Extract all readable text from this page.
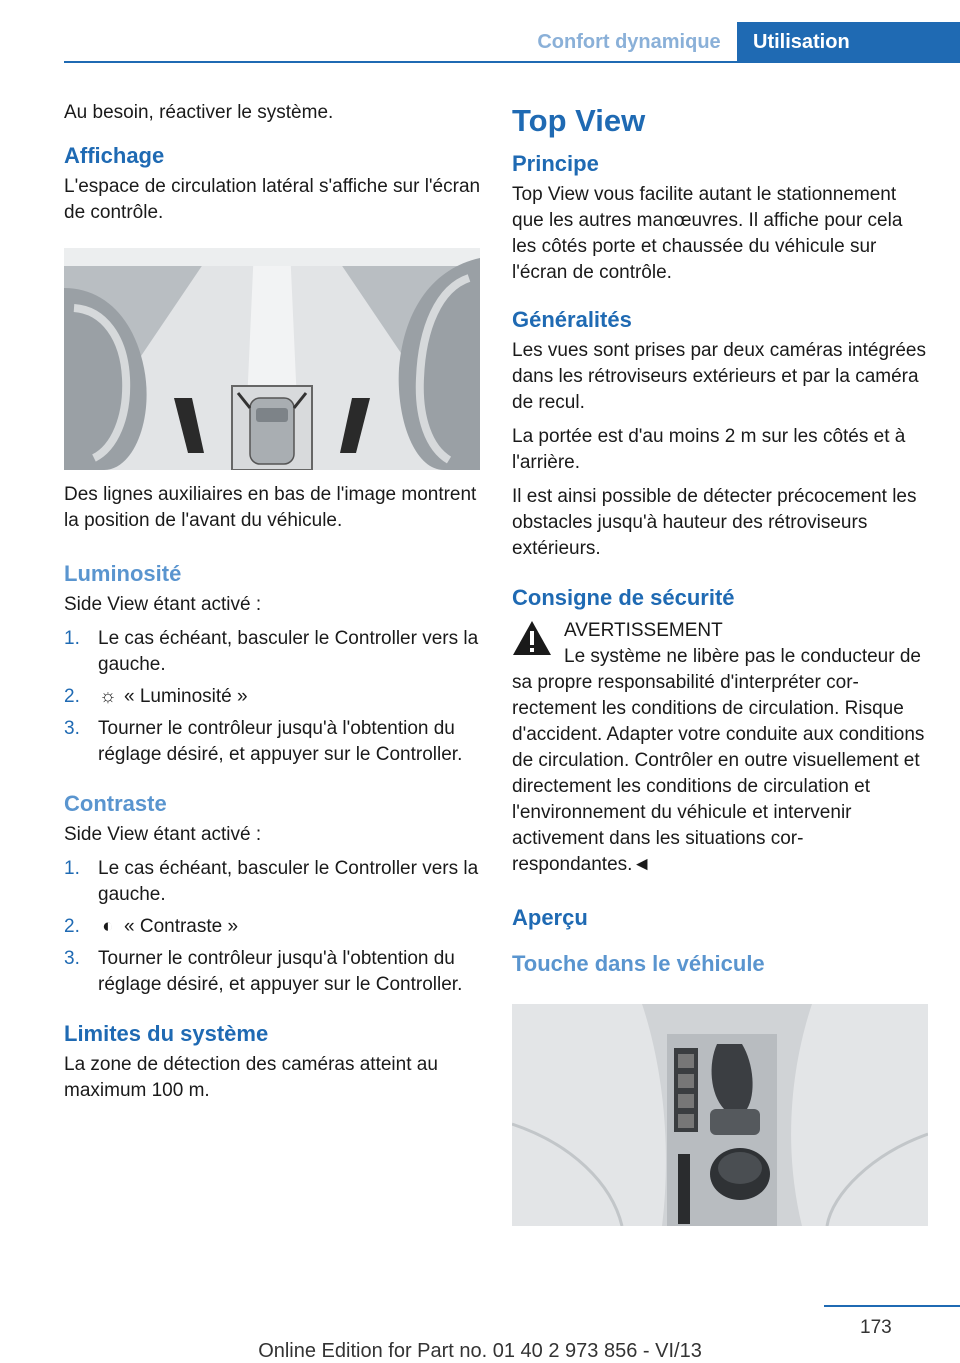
Confort dynamique	Utilisation

Au besoin, réactiver le système.

Affichage

L'espace de circulation latéral s'affiche sur l'écran de contrôle.

Des lignes auxiliaires en bas de l'image montrent la position de l'avant du véhicule.

Luminosité

Side View étant activé :

1. Le cas échéant, basculer le Controller vers la gauche.
2. ☼ « Luminosité »
3. Tourner le contrôleur jusqu'à l'obtention du réglage désiré, et appuyer sur le Controller.
Contraste

Side View étant activé :

1. Le cas échéant, basculer le Controller vers la gauche.
2. ◐ « Contraste »
3. Tourner le contrôleur jusqu'à l'obtention du réglage désiré, et appuyer sur le Controller.
Limites du système

La zone de détection des caméras atteint au maximum 100 m.

Top View
Principe

Top View vous facilite autant le stationnement que les autres manœuvres. Il affiche pour cela les côtés porte et chaussée du véhicule sur l'écran de contrôle.

Généralités

Les vues sont prises par deux caméras intégrées dans les rétroviseurs extérieurs et par la caméra de recul.

La portée est d'au moins 2 m sur les côtés et à l'arrière.

Il est ainsi possible de détecter précocement les obstacles jusqu'à hauteur des rétroviseurs extérieurs.

Consigne de sécurité
AVERTISSEMENT
Le système ne libère pas le conducteur de sa propre responsabilité d'interpréter correctement les conditions de circulation. Risque d'accident. Adapter votre conduite aux conditions de circulation. Contrôler en outre visuellement et directement les conditions de circulation et l'environnement du véhicule et intervenir activement dans les situations correspondantes.◄
Aperçu
Touche dans le véhicule
173
Online Edition for Part no. 01 40 2 973 856 - VI/13
